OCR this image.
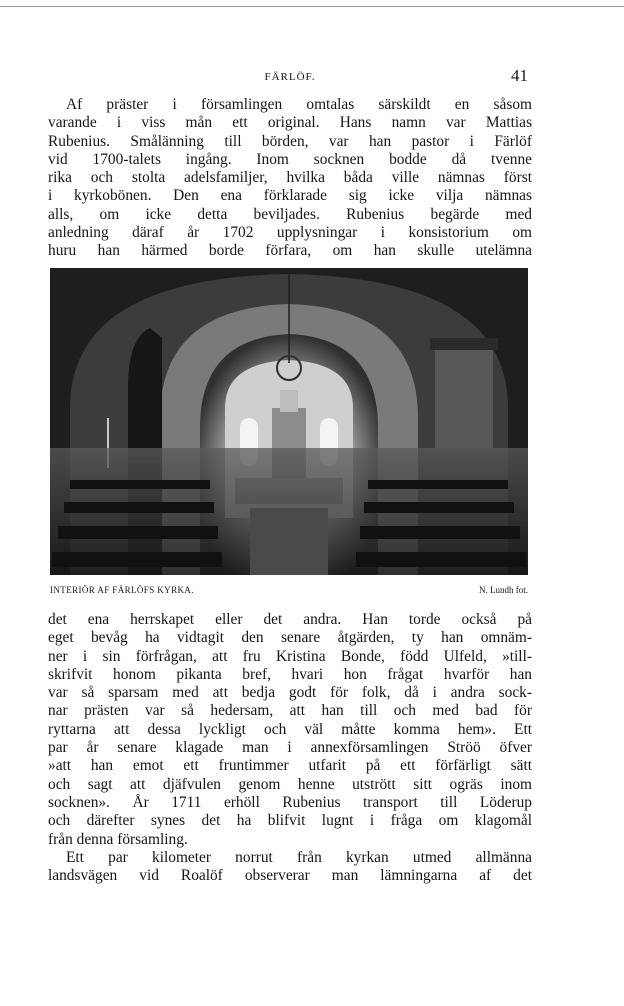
FÄRLÖF.	41
Af präster i församlingen omtalas särskildt en såsom
varande i viss mån ett original. Hans namn var Mattias
Rubenius. Smålänning till börden, var han pastor i Färlöf
vid 1700-talets ingång. Inom socknen bodde då tvenne
rika och stolta adelsfamiljer, hvilka båda ville nämnas först
i kyrkobönen. Den ena förklarade sig icke vilja nämnas
alls, om icke detta beviljades. Rubenius begärde med
anledning däraf år 1702 upplysningar i konsistorium om
huru han härmed borde förfara, om han skulle utelämna
INTERIÖR AF FÄRLÖFS KYRKA.	N. Lundh fot.
det ena herrskapet eller det andra. Han torde också på
eget bevåg ha vidtagit den senare åtgärden, ty han omnäm-
ner i sin förfrågan, att fru Kristina Bonde, född Ulfeld, »till-
skrifvit honom pikanta bref, hvari hon frågat hvarför han
var så sparsam med att bedja godt för folk, då i andra sock-
nar prästen var så hedersam, att han till och med bad för
ryttarna att dessa lyckligt och väl måtte komma hem». Ett
par år senare klagade man i annexförsamlingen Ströö öfver
»att han emot ett fruntimmer utfarit på ett förfärligt sätt
och sagt att djäfvulen genom henne utstrött sitt ogräs inom
socknen». År 1711 erhöll Rubenius transport till Löderup
och därefter synes det ha blifvit lugnt i fråga om klagomål
från denna församling.
Ett par kilometer norrut från kyrkan utmed allmänna
landsvägen vid Roalöf observerar man lämningarna af det
